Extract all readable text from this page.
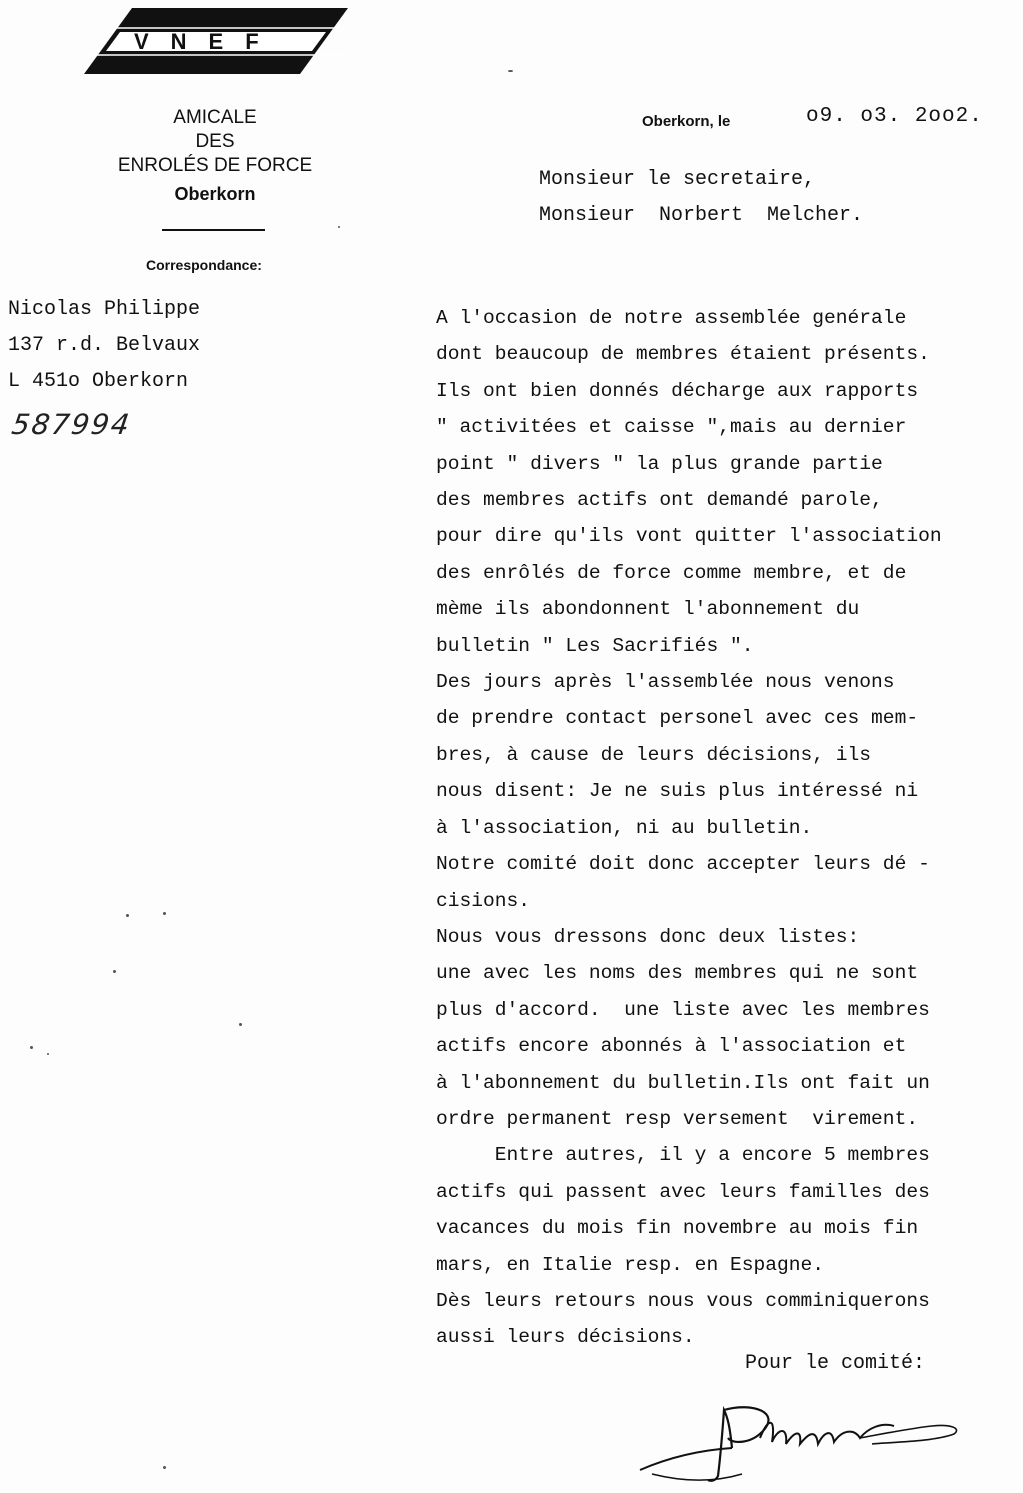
VNEF
AMICALE
DES
ENROLÉS DE FORCE
Oberkorn
Correspondance:
Nicolas Philippe
137 r.d. Belvaux
L 451o Oberkorn
587994
Oberkorn, le	o9. o3. 2oo2.
Monsieur le secretaire,
Monsieur  Norbert  Melcher.
A l'occasion de notre assemblée genérale
dont beaucoup de membres étaient présents.
Ils ont bien donnés décharge aux rapports
" activitées et caisse ",mais au dernier
point " divers " la plus grande partie
des membres actifs ont demandé parole,
pour dire qu'ils vont quitter l'association
des enrôlés de force comme membre, et de
mème ils abondonnent l'abonnement du
bulletin " Les Sacrifiés ".
Des jours après l'assemblée nous venons
de prendre contact personel avec ces mem-
bres, à cause de leurs décisions, ils
nous disent: Je ne suis plus intéressé ni
à l'association, ni au bulletin.
Notre comité doit donc accepter leurs dé -
cisions.
Nous vous dressons donc deux listes:
une avec les noms des membres qui ne sont
plus d'accord.  une liste avec les membres
actifs encore abonnés à l'association et
à l'abonnement du bulletin.Ils ont fait un
ordre permanent resp versement  virement.
Entre autres, il y a encore 5 membres
actifs qui passent avec leurs familles des
vacances du mois fin novembre au mois fin
mars, en Italie resp. en Espagne.
Dès leurs retours nous vous comminiquerons
aussi leurs décisions.
Pour le comité:
